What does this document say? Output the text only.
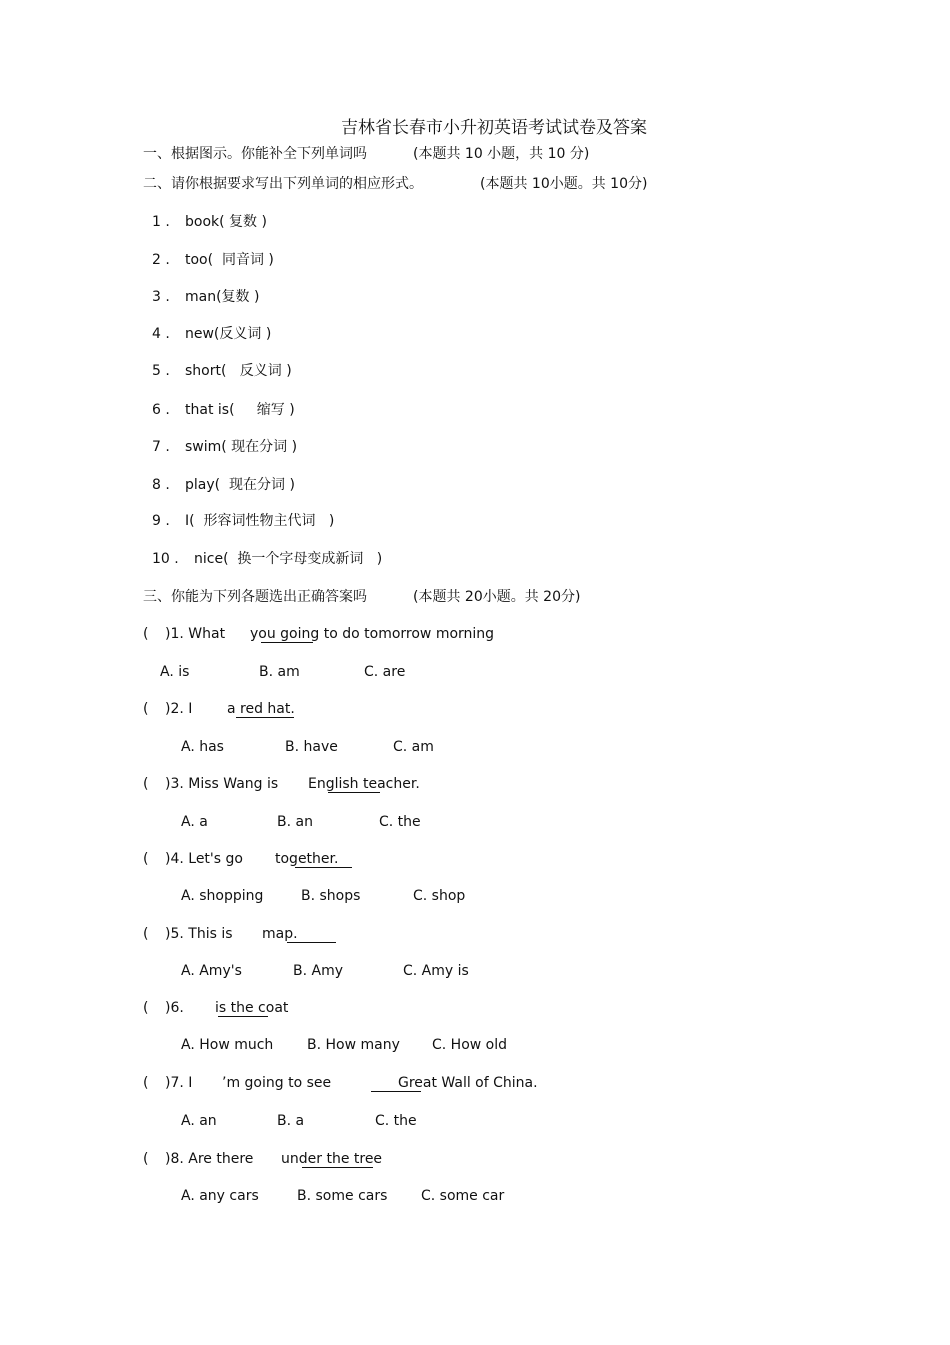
吉林省长春市小升初英语考试试卷及答案
一、根据图示。你能补全下列单词吗	(本题共 10 小题，共 10 分)
二、请你根据要求写出下列单词的相应形式。	(本题共 10小题。共 10分)
1 . book( 复数 )
2 . too(  同音词 )
3 . man(复数 )
4 . new(反义词 )
5 . short(   反义词 )
6 . that is(     缩写 )
7 . swim( 现在分词 )
8 . play(  现在分词 )
9 . I(  形容词性物主代词   )
10 . nice(  换一个字母变成新词   )
三、你能为下列各题选出正确答案吗	(本题共 20小题。共 20分)
( )1. What you going to do tomorrow morning
A. is	B. am	C. are
( )2. I a red hat.
A. has	B. have	C. am
( )3. Miss Wang is English teacher.
A. a	B. an	C. the
( )4. Let's go together.
A. shopping	B. shops	C. shop
( )5. This is map.
A. Amy's	B. Amy	C. Amy is
( )6. is the coat
A. How much B. How many C. How old
( )7. I ’m going to see	Great Wall of China.
A. an	B. a	C. the
( )8. Are there under the tree
A. any cars	B. some cars C. some car
